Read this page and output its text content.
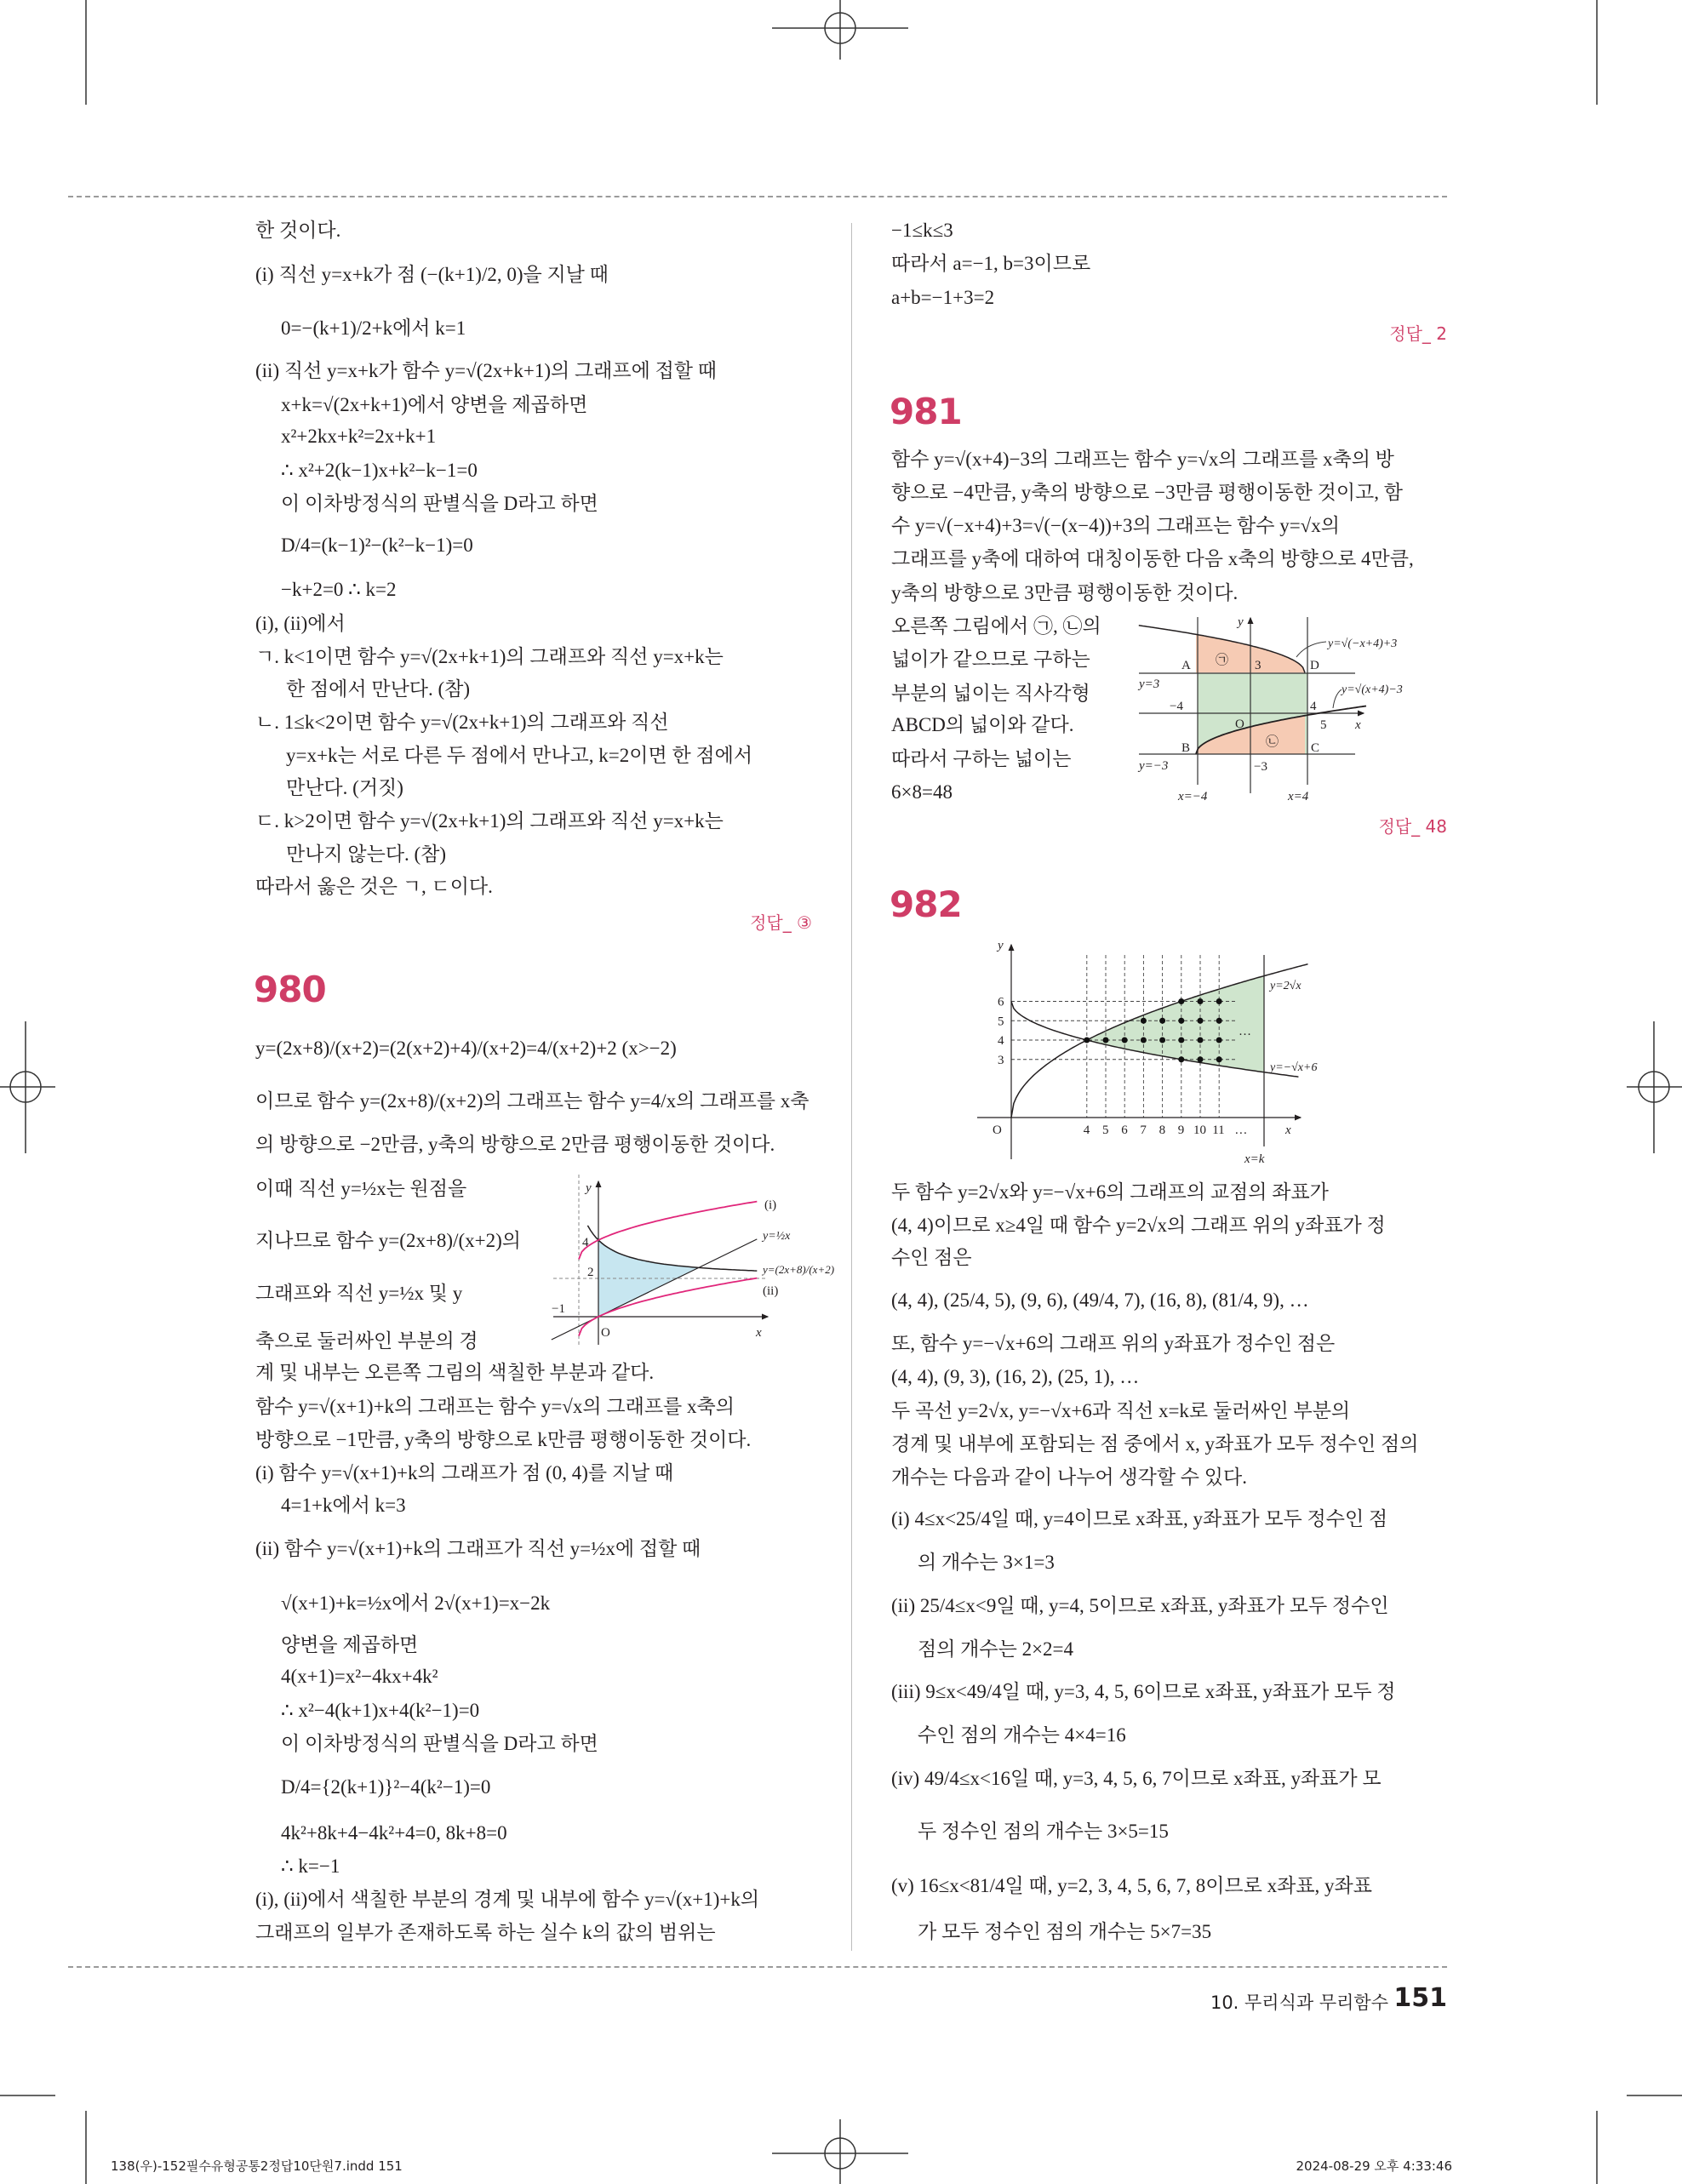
한 것이다.
(i) 직선 y=x+k가 점 (−(k+1)/2, 0)을 지날 때
0=−(k+1)/2+k에서 k=1
(ii) 직선 y=x+k가 함수 y=√(2x+k+1)의 그래프에 접할 때
x+k=√(2x+k+1)에서 양변을 제곱하면
x²+2kx+k²=2x+k+1
∴ x²+2(k−1)x+k²−k−1=0
이 이차방정식의 판별식을 D라고 하면
D/4=(k−1)²−(k²−k−1)=0
−k+2=0 ∴ k=2
(i), (ii)에서
ㄱ. k<1이면 함수 y=√(2x+k+1)의 그래프와 직선 y=x+k는
한 점에서 만난다. (참)
ㄴ. 1≤k<2이면 함수 y=√(2x+k+1)의 그래프와 직선
y=x+k는 서로 다른 두 점에서 만나고, k=2이면 한 점에서
만난다. (거짓)
ㄷ. k>2이면 함수 y=√(2x+k+1)의 그래프와 직선 y=x+k는
만나지 않는다. (참)
따라서 옳은 것은 ㄱ, ㄷ이다.
정답_ ③
980
y=(2x+8)/(x+2)=(2(x+2)+4)/(x+2)=4/(x+2)+2 (x>−2)
이므로 함수 y=(2x+8)/(x+2)의 그래프는 함수 y=4/x의 그래프를 x축
의 방향으로 −2만큼, y축의 방향으로 2만큼 평행이동한 것이다.
이때 직선 y=½x는 원점을
지나므로 함수 y=(2x+8)/(x+2)의
그래프와 직선 y=½x 및 y
축으로 둘러싸인 부분의 경
계 및 내부는 오른쪽 그림의 색칠한 부분과 같다.
함수 y=√(x+1)+k의 그래프는 함수 y=√x의 그래프를 x축의
방향으로 −1만큼, y축의 방향으로 k만큼 평행이동한 것이다.
(i) 함수 y=√(x+1)+k의 그래프가 점 (0, 4)를 지날 때
4=1+k에서 k=3
(ii) 함수 y=√(x+1)+k의 그래프가 직선 y=½x에 접할 때
√(x+1)+k=½x에서 2√(x+1)=x−2k
양변을 제곱하면
4(x+1)=x²−4kx+4k²
∴ x²−4(k+1)x+4(k²−1)=0
이 이차방정식의 판별식을 D라고 하면
D/4={2(k+1)}²−4(k²−1)=0
4k²+8k+4−4k²+4=0, 8k+8=0
∴ k=−1
(i), (ii)에서 색칠한 부분의 경계 및 내부에 함수 y=√(x+1)+k의
그래프의 일부가 존재하도록 하는 실수 k의 값의 범위는
y
x
O
4
2
−1
(i)
y=½x
y=(2x+8)/(x+2)
(ii)
−1≤k≤3
따라서 a=−1, b=3이므로
a+b=−1+3=2
정답_ 2
981
함수 y=√(x+4)−3의 그래프는 함수 y=√x의 그래프를 x축의 방
향으로 −4만큼, y축의 방향으로 −3만큼 평행이동한 것이고, 함
수 y=√(−x+4)+3=√(−(x−4))+3의 그래프는 함수 y=√x의
그래프를 y축에 대하여 대칭이동한 다음 x축의 방향으로 4만큼,
y축의 방향으로 3만큼 평행이동한 것이다.
오른쪽 그림에서 ㉠, ㉡의
넓이가 같으므로 구하는
부분의 넓이는 직사각형
ABCD의 넓이와 같다.
따라서 구하는 넓이는
6×8=48
정답_ 48
y
x
A
B	C
D
O
㉠
㉡
3
−3
−4	4
5
y=3
y=−3
x=−4	x=4
y=√(−x+4)+3
y=√(x+4)−3
982
y
x
O	4 5 6 7 8 9 10 11 …
3
4
5
6
…
x=k
y=2√x
y=−√x+6
두 함수 y=2√x와 y=−√x+6의 그래프의 교점의 좌표가
(4, 4)이므로 x≥4일 때 함수 y=2√x의 그래프 위의 y좌표가 정
수인 점은
(4, 4), (25/4, 5), (9, 6), (49/4, 7), (16, 8), (81/4, 9), …
또, 함수 y=−√x+6의 그래프 위의 y좌표가 정수인 점은
(4, 4), (9, 3), (16, 2), (25, 1), …
두 곡선 y=2√x, y=−√x+6과 직선 x=k로 둘러싸인 부분의
경계 및 내부에 포함되는 점 중에서 x, y좌표가 모두 정수인 점의
개수는 다음과 같이 나누어 생각할 수 있다.
(i) 4≤x<25/4일 때, y=4이므로 x좌표, y좌표가 모두 정수인 점
의 개수는 3×1=3
(ii) 25/4≤x<9일 때, y=4, 5이므로 x좌표, y좌표가 모두 정수인
점의 개수는 2×2=4
(iii) 9≤x<49/4일 때, y=3, 4, 5, 6이므로 x좌표, y좌표가 모두 정
수인 점의 개수는 4×4=16
(iv) 49/4≤x<16일 때, y=3, 4, 5, 6, 7이므로 x좌표, y좌표가 모
두 정수인 점의 개수는 3×5=15
(v) 16≤x<81/4일 때, y=2, 3, 4, 5, 6, 7, 8이므로 x좌표, y좌표
가 모두 정수인 점의 개수는 5×7=35
10. 무리식과 무리함수 151
138(우)-152필수유형공통2정답10단원7.indd 151	2024-08-29 오후 4:33:46
